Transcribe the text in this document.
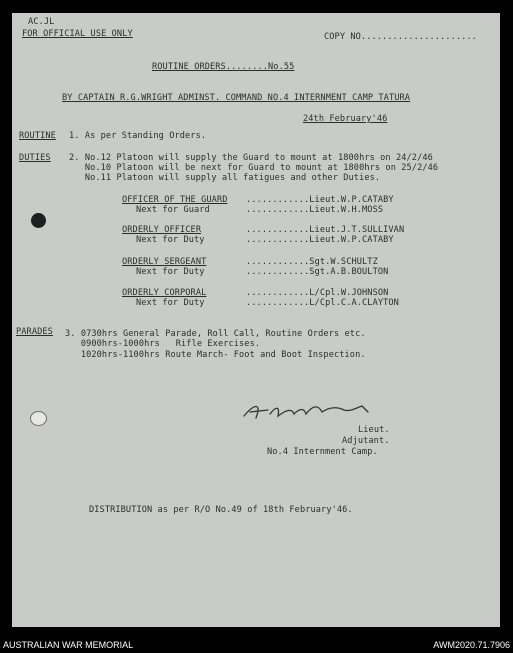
AC.JL
FOR OFFICIAL USE ONLY	COPY NO......................
ROUTINE ORDERS........No.55
BY CAPTAIN R.G.WRIGHT ADMINST. COMMAND NO.4 INTERNMENT CAMP TATURA
24th February'46
ROUTINE 1. As per Standing Orders.
DUTIES 2. No.12 Platoon will supply the Guard to mount at 1800hrs on 24/2/46
No.10 Platoon will be next for Guard to mount at 1800hrs on 25/2/46
No.11 Platoon will supply all fatigues and other Duties.
OFFICER OF THE GUARD ............Lieut.W.P.CATABY
Next for Guard	............Lieut.W.H.MOSS
ORDERLY OFFICER	............Lieut.J.T.SULLIVAN
Next for Duty	............Lieut.W.P.CATABY
ORDERLY SERGEANT	............Sgt.W.SCHULTZ
Next for Duty	............Sgt.A.B.BOULTON
ORDERLY CORPORAL	............L/Cpl.W.JOHNSON
Next for Duty	............L/Cpl.C.A.CLAYTON
PARADES 3. 0730hrs General Parade, Roll Call, Routine Orders etc.
0900hrs-1000hrs   Rifle Exercises.
1020hrs-1100hrs Route March- Foot and Boot Inspection.
Lieut.
Adjutant.
No.4 Internment Camp.
DISTRIBUTION as per R/O No.49 of 18th February'46.
AUSTRALIAN WAR MEMORIAL	AWM2020.71.7906
